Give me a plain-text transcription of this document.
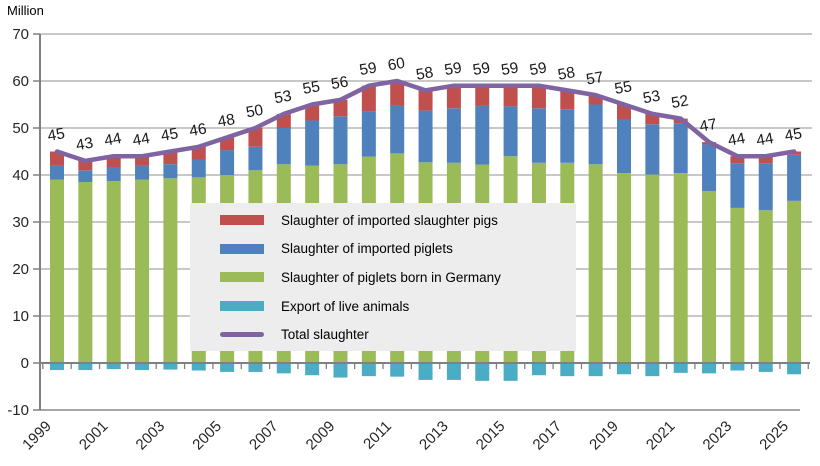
Million
-10
0
10
20
30
40
50
60
70
45 43 44 44 45 46 48 50
53 55 56
59 60 58 59 59 59 59 58 57 55 53 52
47
44 44 45
1999 2001 2003 2005 2007 2009 2011 2013 2015 2017 2019 2021 2023 2025
Slaughter of imported slaughter pigs
Slaughter of imported piglets
Slaughter of piglets born in Germany
Export of live animals
Total slaughter
